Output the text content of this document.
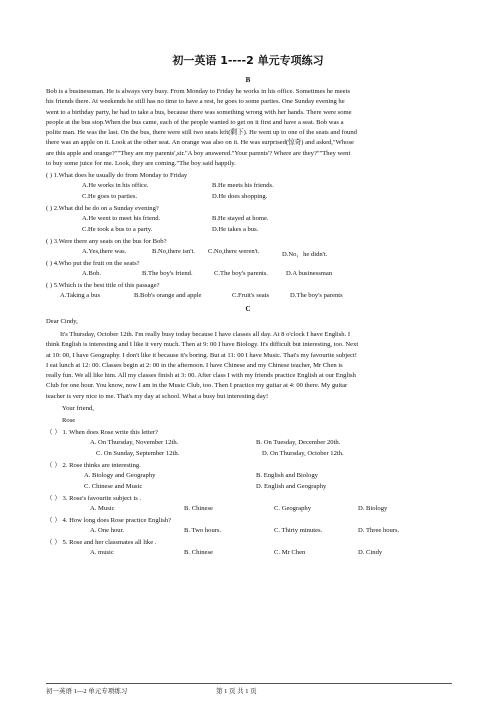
初一英语 1----2 单元专项练习
B
Bob is a businessman. He is always very busy. From Monday to Friday he works in his office. Sometimes he meets
his friends there. At weekends he still has no time to have a rest, he goes to some parties. One Sunday evening he
went to a birthday party, he had to take a bus, because there was something wrong with her hands. There were some
people at the bus stop.When the bus came, each of the people wanted to get on it first and have a seat. Bob was a
polite man. He was the last. On the bus, there were still two seats left(剩下). He went up to one of the seats and found
there was an apple on it. Look at the other seat. An orange was also on it. He was surprised(惊奇) and asked,"Whose
are this apple and orange?""They are my parents',sir."A boy answered."Your parents'? Where are they?""They went
to buy some juice for me. Look, they are coming."The boy said happily.
( ) 1.What does he usually do from Monday to Friday
A.He works in his office.	B.He meets his friends.
C.He goes to parties.	D.He does shopping.
( ) 2.What did he do on a Sunday evening?
A.He went to meet his friend.	B.He stayed at home.
C.He took a bus to a party.	D.He takes a bus.
( ) 3.Were there any seats on the bus for Bob?
A.Yes,there was.	B.No,there isn't. C.No,there weren't.	D.No，he didn't.
( ) 4.Who put the fruit on the seats?
A.Bob.	B.The boy's friend.	C.The boy's parents.	D.A businessman
( ) 5.Which is the best title of this passage?
A.Taking a bus	B.Bob's orange and apple	C.Fruit's seats	D.The boy's parents
C
Dear Cindy,
It's Thursday, October 12th. I'm really busy today because I have classes all day. At 8 o'clock I have English. I
think English is interesting and I like it very much. Then at 9: 00 I have Biology. It's difficult but interesting, too. Next
at 10: 00, I have Geography. I don't like it because it's boring. But at 11: 00 I have Music. That's my favourite subject!
I eat lunch at 12: 00. Classes begin at 2: 00 in the afternoon. I have Chinese and my Chinese teacher, Mr Chen is
really fun. We all like him. All my classes finish at 3: 00. After class I with my friends practice English at our English
Club for one hour. You know, now I am in the Music Club, too. Then I practice my guitar at 4: 00 there. My guitar
teacher is very nice to me. That's my day at school. What a busy but interesting day!
Your friend,
Rose
（ ） 1. When does Rose write this letter?
A. On Thursday, November 12th.	B. On Tuesday, December 20th.
C. On Sunday, September 12th.	D. On Thursday, October 12th.
（ ） 2. Rose thinks are interesting.
A. Biology and Geography	B. English and Biology
C. Chinese and Music	D. English and Geography
（ ） 3. Rose's favourite subject is .
A. Music	B. Chinese	C. Geography	D. Biology
（ ） 4. How long does Rose practice English?
A. One hour.	B. Two hours.	C. Thirty minutes.	D. Three hours.
（ ） 5. Rose and her classmates all like .
A. music	B. Chinese	C. Mr Chen	D. Cindy
初一英语 1---2 单元专项练习	第 1 页 共 1 页
